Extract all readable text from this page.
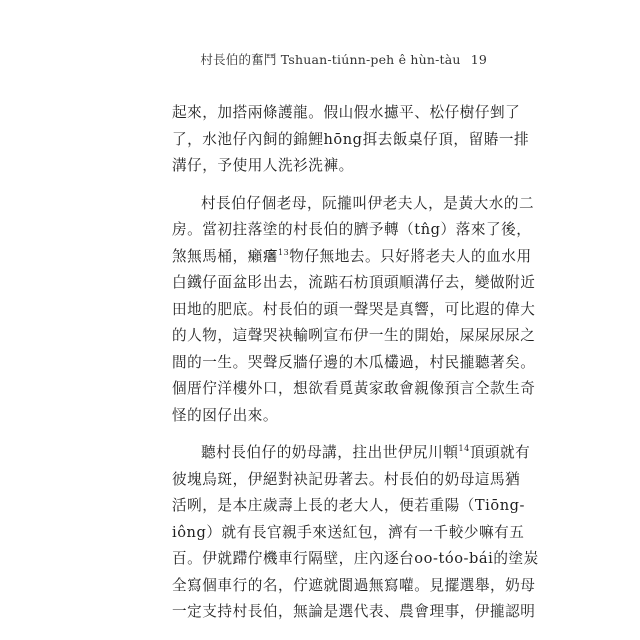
村長伯的奮鬥 Tshuan-tiúnn-peh ê hùn-tàu 19
起來，加搭兩條護龍。假山假水攄平、松仔樹仔剉了
了，水池仔內飼的錦鯉hōng挕去飯桌仔頂，留賰一排
溝仔，予使用人洗衫洗褲。
村長伯仔個老母，阮攏叫伊老夫人，是黃大水的二
房。當初拄落塗的村長伯的臍予轉（tn̂g）落來了後，
煞無馬桶，癩𤺪$^{13}$物仔無地去。只好將老夫人的血水用
白鐵仔面盆䀐出去，流踮石枋頂頭順溝仔去，變做附近
田地的肥底。村長伯的頭一聲哭是真響，可比遐的偉大
的人物，這聲哭袂輸咧宣布伊一生的開始，屎屎尿尿之
間的一生。哭聲反牆仔邊的木瓜欉過，村民攏聽著矣。
個厝佇洋樓外口，想欲看覓黃家敢會親像預言仝款生奇
怪的囡仔出來。
聽村長伯仔的奶母講，拄出世伊尻川䫌$^{14}$頂頭就有
彼塊烏斑，伊絕對袂記毋著去。村長伯的奶母這馬猶
活咧，是本庄歲壽上長的老大人，便若重陽（Tiōng-
iông）就有長官親手來送紅包，濟有一千較少嘛有五
百。伊就蹛佇機車行隔壁，庄內逐台oo-tóo-bái的塗炭
全寫個車行的名，佇遮就閬過無寫嚾。見擺選舉，奶母
一定支持村長伯，無論是選代表、農會理事，伊攏認明
